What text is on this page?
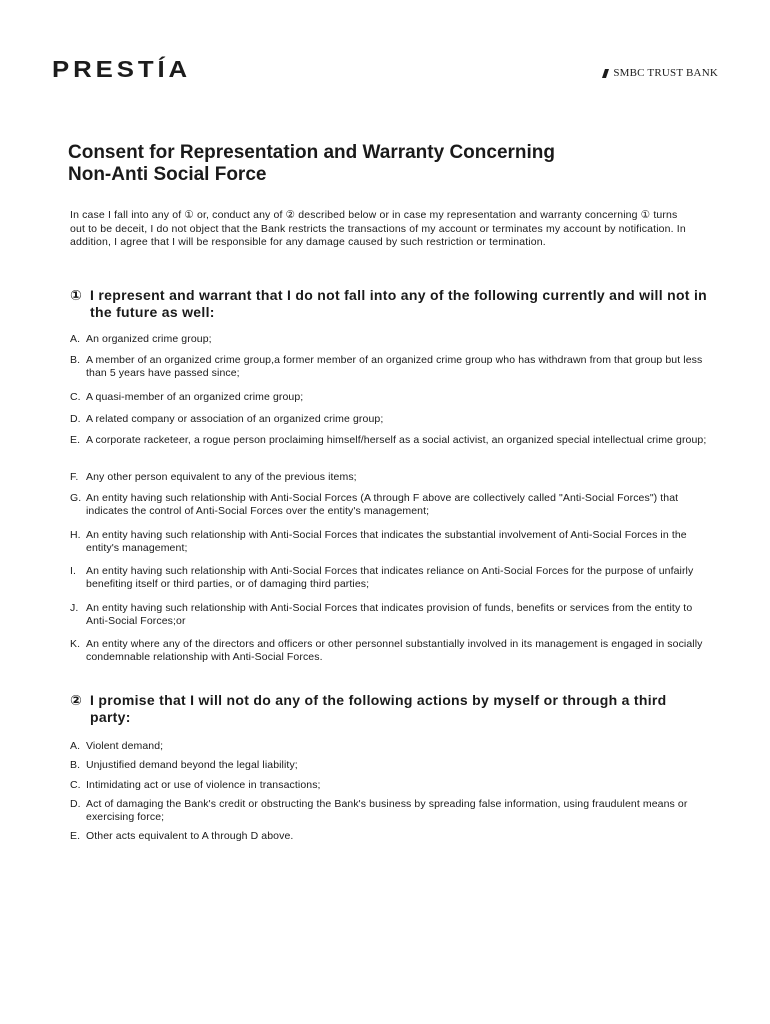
PRESTÍA	SMBC TRUST BANK
Consent for Representation and Warranty Concerning
Non-Anti Social Force

In case I fall into any of ① or, conduct any of ② described below or in case my representation and warranty concerning ① turns out to be deceit, I do not object that the Bank restricts the transactions of my account or terminates my account by notification. In addition, I agree that I will be responsible for any damage caused by such restriction or termination.

① I represent and warrant that I do not fall into any of the following currently and will not in the future as well:
A. An organized crime group;
B. A member of an organized crime group,a former member of an organized crime group who has withdrawn from that group but less than 5 years have passed since;
C. A quasi-member of an organized crime group;
D. A related company or association of an organized crime group;
E. A corporate racketeer, a rogue person proclaiming himself/herself as a social activist, an organized special intellectual crime group;
F. Any other person equivalent to any of the previous items;
G. An entity having such relationship with Anti-Social Forces (A through F above are collectively called "Anti-Social Forces") that indicates the control of Anti-Social Forces over the entity's management;
H. An entity having such relationship with Anti-Social Forces that indicates the substantial involvement of Anti-Social Forces in the entity's management;
I. An entity having such relationship with Anti-Social Forces that indicates reliance on Anti-Social Forces for the purpose of unfairly benefiting itself or third parties, or of damaging third parties;
J. An entity having such relationship with Anti-Social Forces that indicates provision of funds, benefits or services from the entity to Anti-Social Forces;or
K. An entity where any of the directors and officers or other personnel substantially involved in its management is engaged in socially condemnable relationship with Anti-Social Forces.
② I promise that I will not do any of the following actions by myself or through a third party:
A. Violent demand;
B. Unjustified demand beyond the legal liability;
C. Intimidating act or use of violence in transactions;
D. Act of damaging the Bank's credit or obstructing the Bank's business by spreading false information, using fraudulent means or exercising force;
E. Other acts equivalent to A through D above.
